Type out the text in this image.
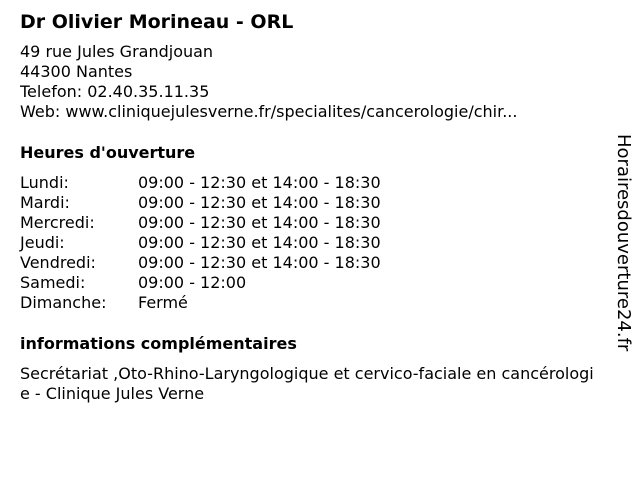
Dr Olivier Morineau - ORL
49 rue Jules Grandjouan
44300 Nantes
Telefon: 02.40.35.11.35
Web: www.cliniquejulesverne.fr/specialites/cancerologie/chir...
Heures d'ouverture
Lundi:	09:00 - 12:30 et 14:00 - 18:30
Mardi:	09:00 - 12:30 et 14:00 - 18:30
Mercredi:	09:00 - 12:30 et 14:00 - 18:30
Jeudi:	09:00 - 12:30 et 14:00 - 18:30
Vendredi:	09:00 - 12:30 et 14:00 - 18:30
Samedi:	09:00 - 12:00
Dimanche:	Fermé
informations complémentaires
Secrétariat ,Oto-Rhino-Laryngologique et cervico-faciale en cancérologie - Clinique Jules Verne
Horairesdouverture24.fr
